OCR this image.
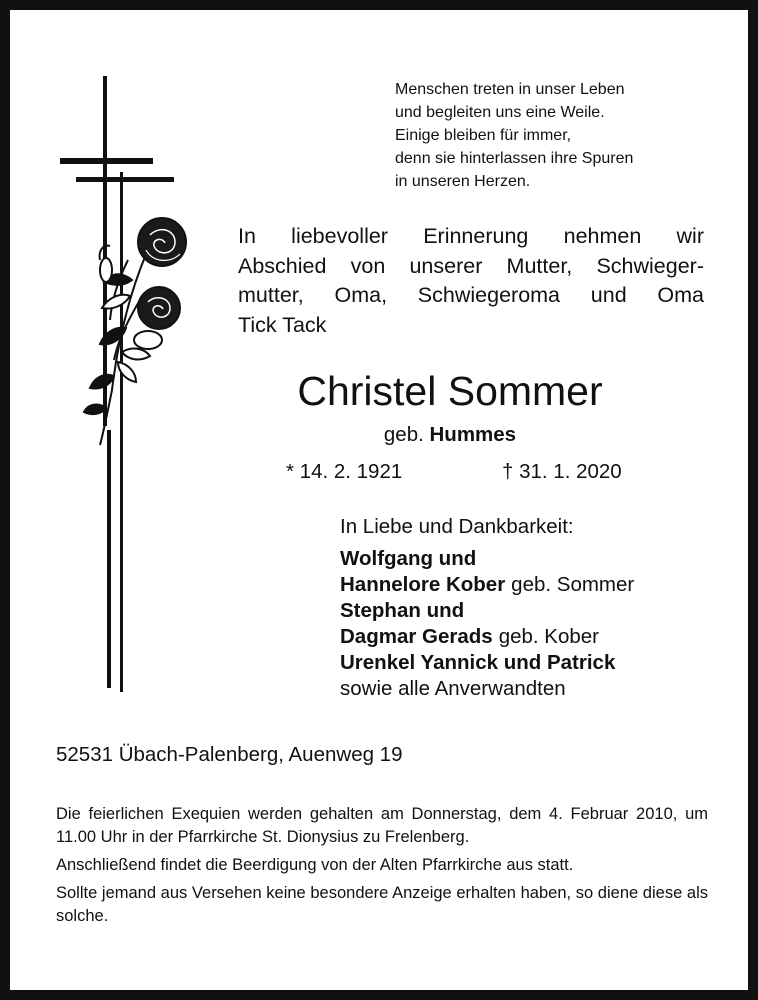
Menschen treten in unser Leben
und begleiten uns eine Weile.
Einige bleiben für immer,
denn sie hinterlassen ihre Spuren
in unseren Herzen.
In liebevoller Erinnerung nehmen wir
Abschied von unserer Mutter, Schwieger-
mutter, Oma, Schwiegeroma und Oma
Tick Tack
Christel Sommer
geb. Hummes
* 14. 2. 1921	† 31. 1. 2020
In Liebe und Dankbarkeit:
Wolfgang und
Hannelore Kober geb. Sommer
Stephan und
Dagmar Gerads geb. Kober
Urenkel Yannick und Patrick
sowie alle Anverwandten
52531 Übach-Palenberg, Auenweg 19

Die feierlichen Exequien werden gehalten am Donnerstag, dem 4. Februar 2010, um 11.00 Uhr in der Pfarrkirche St. Dionysius zu Frelenberg.

Anschließend findet die Beerdigung von der Alten Pfarrkirche aus statt.

Sollte jemand aus Versehen keine besondere Anzeige erhalten haben, so diene diese als solche.
